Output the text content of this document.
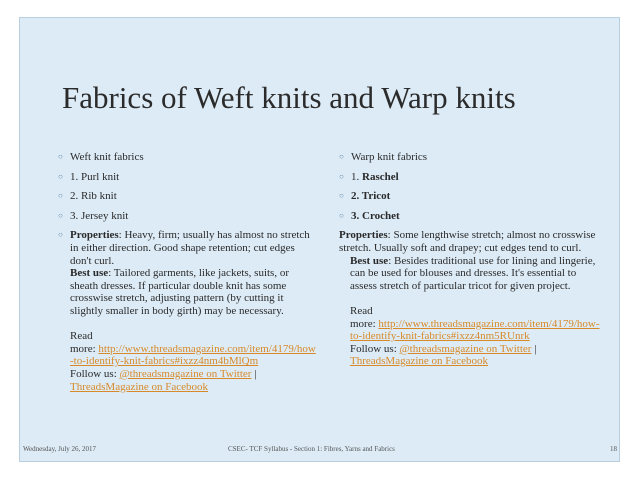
Fabrics of Weft knits and Warp knits
○ Weft knit fabrics
○ 1. Purl knit
○ 2. Rib knit
○ 3. Jersey knit
○ Properties: Heavy, firm; usually has almost no stretch in either direction. Good shape retention; cut edges don't curl.
Best use: Tailored garments, like jackets, suits, or sheath dresses. If particular double knit has some crosswise stretch, adjusting pattern (by cutting it slightly smaller in body girth) may be necessary.
Read
more: http://www.threadsmagazine.com/item/4179/how-to-identify-knit-fabrics#ixzz4nm4bMlQm
Follow us: @threadsmagazine on Twitter | ThreadsMagazine on Facebook
○ Warp knit fabrics
○ 1. Raschel
○ 2. Tricot
○ 3. Crochet
Properties: Some lengthwise stretch; almost no crosswise stretch. Usually soft and drapey; cut edges tend to curl.
Best use: Besides traditional use for lining and lingerie, can be used for blouses and dresses. It's essential to assess stretch of particular tricot for given project.
Read
more: http://www.threadsmagazine.com/item/4179/how-to-identify-knit-fabrics#ixzz4nm5RUnrk
Follow us: @threadsmagazine on Twitter | ThreadsMagazine on Facebook
Wednesday, July 26, 2017	CSEC- TCF Syllabus - Section 1: Fibres, Yarns and Fabrics	18
